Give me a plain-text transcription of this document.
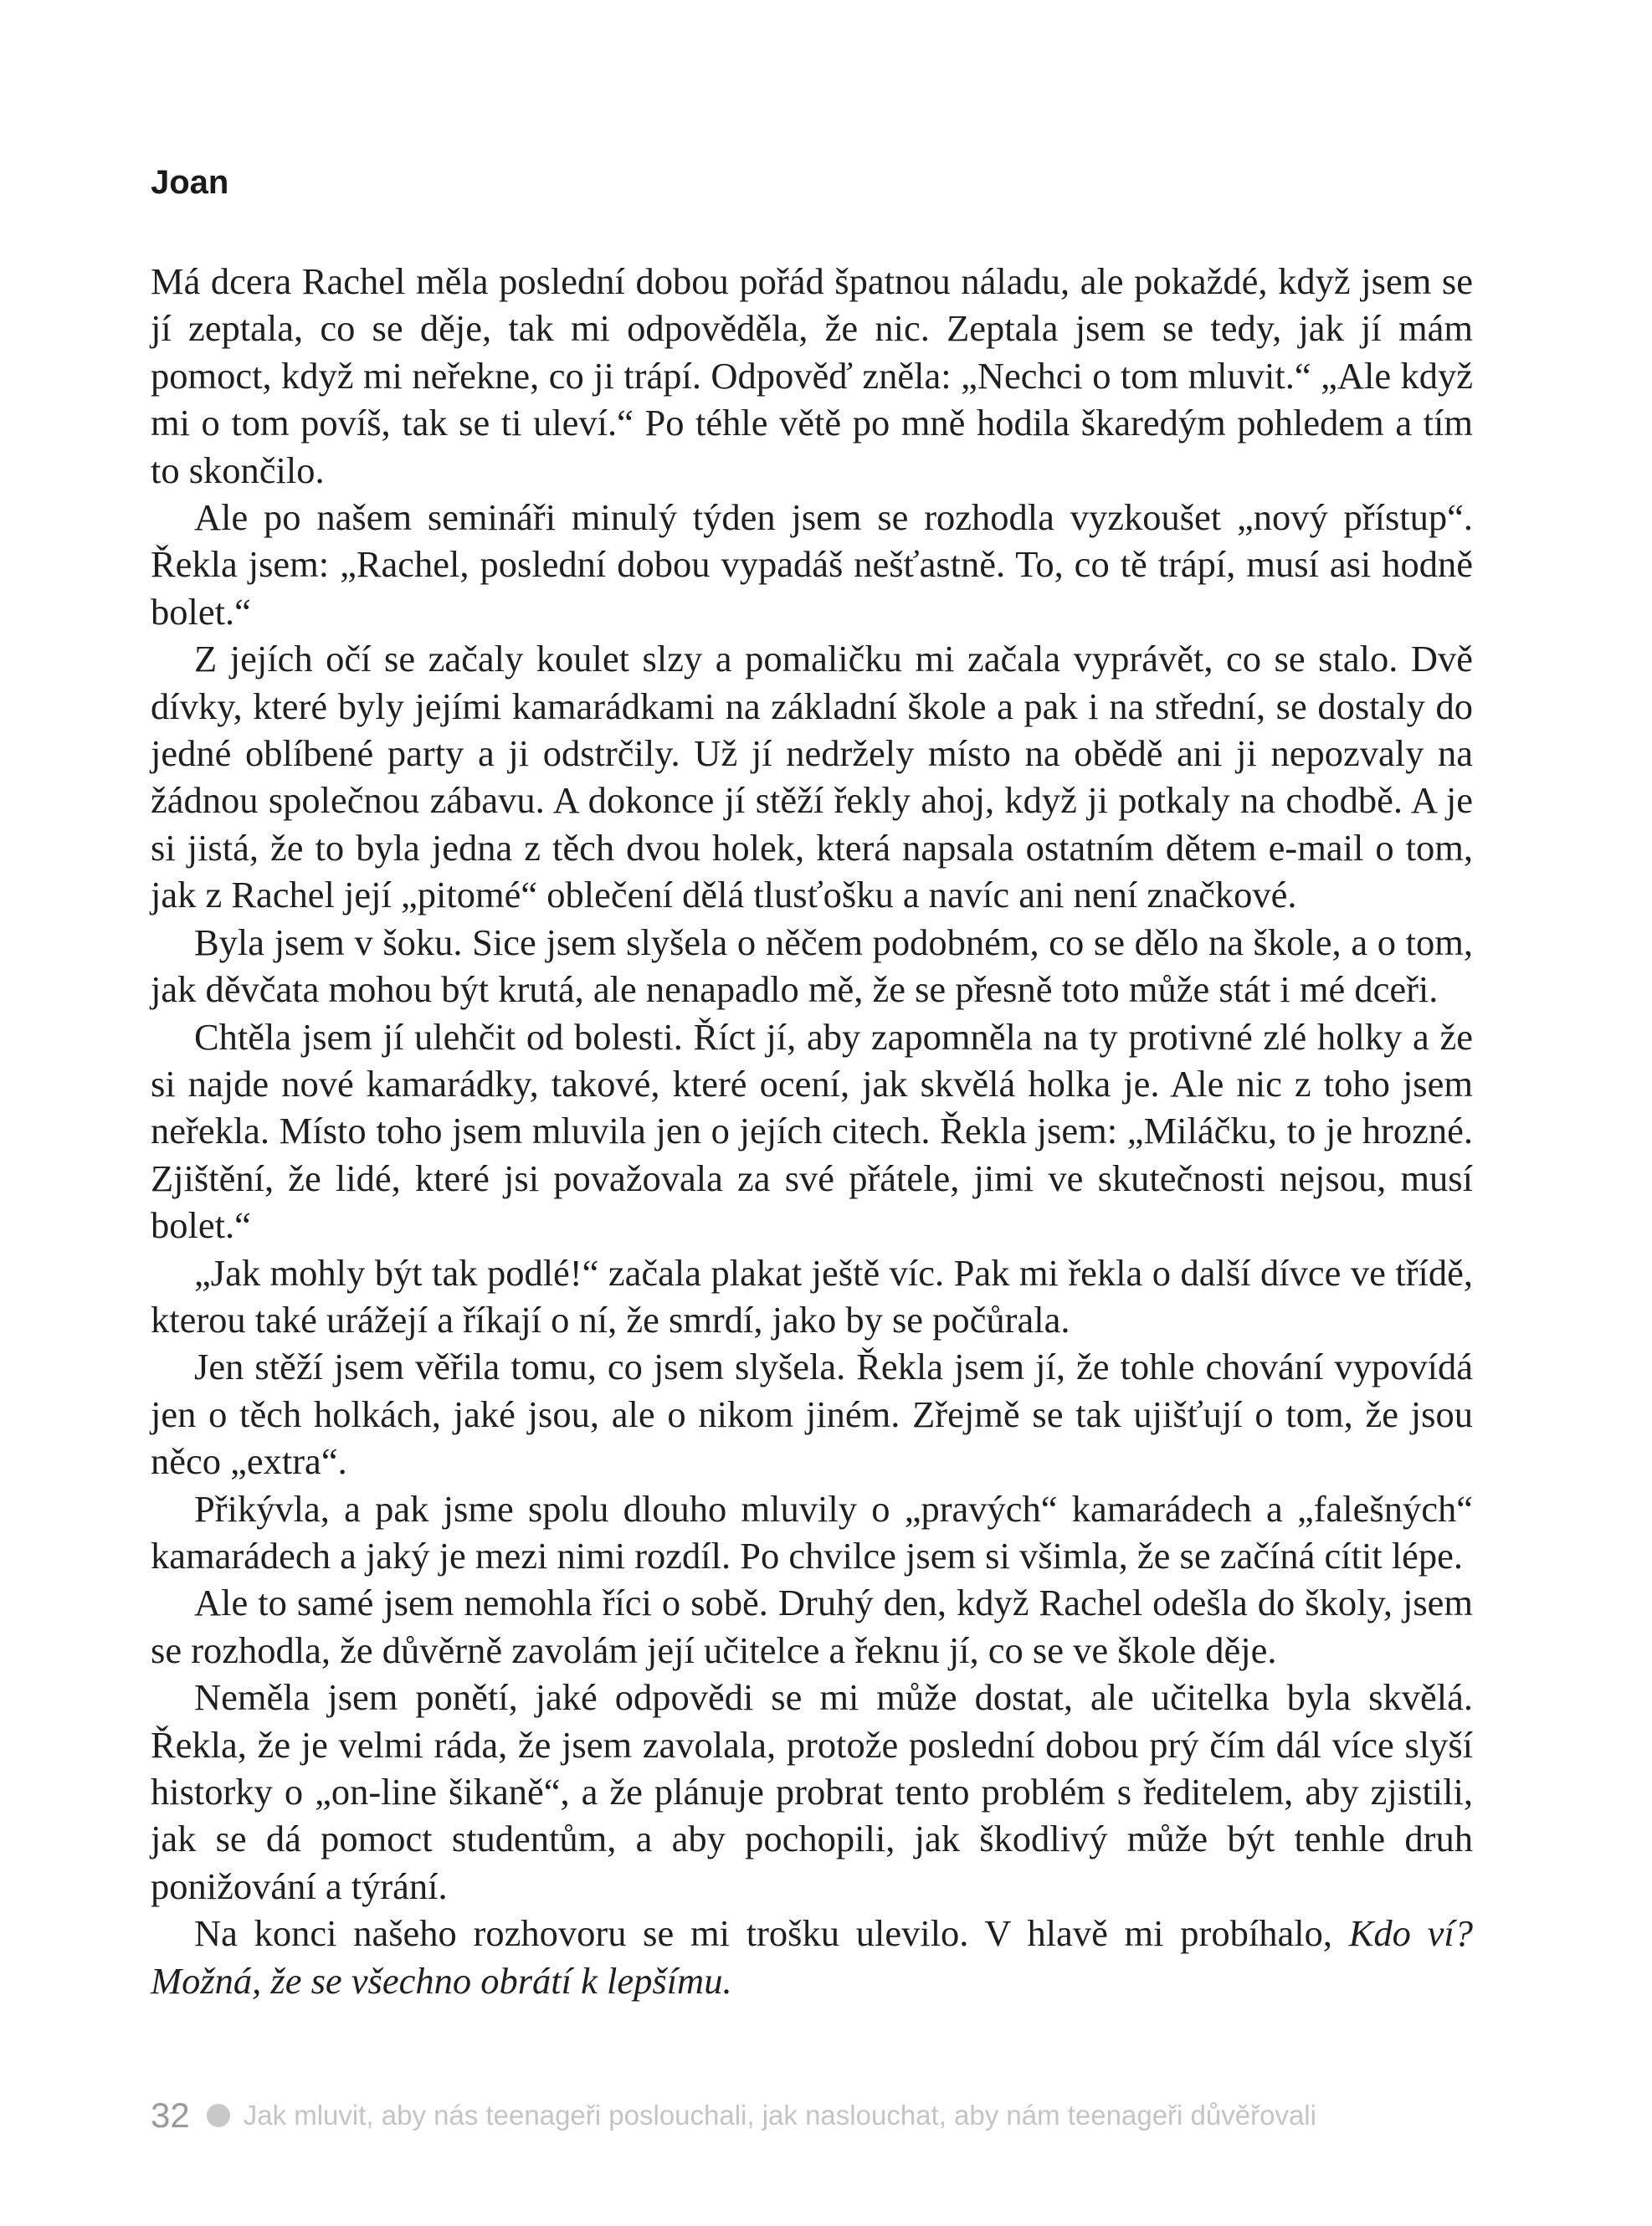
Joan

Má dcera Rachel měla poslední dobou pořád špatnou náladu, ale pokaždé, když jsem se jí zeptala, co se děje, tak mi odpověděla, že nic. Zeptala jsem se tedy, jak jí mám pomoct, když mi neřekne, co ji trápí. Odpověď zněla: „Nechci o tom mluvit.“ „Ale když mi o tom povíš, tak se ti uleví.“ Po téhle větě po mně hodila škaredým pohledem a tím to skončilo.

Ale po našem semináři minulý týden jsem se rozhodla vyzkoušet „nový přístup“. Řekla jsem: „Rachel, poslední dobou vypadáš nešťastně. To, co tě trápí, musí asi hodně bolet.“

Z jejích očí se začaly koulet slzy a pomaličku mi začala vyprávět, co se stalo. Dvě dívky, které byly jejími kamarádkami na základní škole a pak i na střední, se dostaly do jedné oblíbené party a ji odstrčily. Už jí nedržely místo na obědě ani ji nepozvaly na žádnou společnou zábavu. A dokonce jí stěží řekly ahoj, když ji potkaly na chodbě. A je si jistá, že to byla jedna z těch dvou holek, která napsala ostatním dětem e-mail o tom, jak z Rachel její „pitomé“ oblečení dělá tlusťošku a navíc ani není značkové.

Byla jsem v šoku. Sice jsem slyšela o něčem podobném, co se dělo na škole, a o tom, jak děvčata mohou být krutá, ale nenapadlo mě, že se přesně toto může stát i mé dceři.

Chtěla jsem jí ulehčit od bolesti. Říct jí, aby zapomněla na ty protivné zlé holky a že si najde nové kamarádky, takové, které ocení, jak skvělá holka je. Ale nic z toho jsem neřekla. Místo toho jsem mluvila jen o jejích citech. Řekla jsem: „Miláčku, to je hrozné. Zjištění, že lidé, které jsi považovala za své přátele, jimi ve skutečnosti nejsou, musí bolet.“

„Jak mohly být tak podlé!“ začala plakat ještě víc. Pak mi řekla o další dívce ve třídě, kterou také urážejí a říkají o ní, že smrdí, jako by se počůrala.

Jen stěží jsem věřila tomu, co jsem slyšela. Řekla jsem jí, že tohle chování vypovídá jen o těch holkách, jaké jsou, ale o nikom jiném. Zřejmě se tak ujišťují o tom, že jsou něco „extra“.

Přikývla, a pak jsme spolu dlouho mluvily o „pravých“ kamarádech a „falešných“ kamarádech a jaký je mezi nimi rozdíl. Po chvilce jsem si všimla, že se začíná cítit lépe.

Ale to samé jsem nemohla říci o sobě. Druhý den, když Rachel odešla do školy, jsem se rozhodla, že důvěrně zavolám její učitelce a řeknu jí, co se ve škole děje.

Neměla jsem ponětí, jaké odpovědi se mi může dostat, ale učitelka byla skvělá. Řekla, že je velmi ráda, že jsem zavolala, protože poslední dobou prý čím dál více slyší historky o „on-line šikaně“, a že plánuje probrat tento problém s ředitelem, aby zjistili, jak se dá pomoct studentům, a aby pochopili, jak škodlivý může být tenhle druh ponižování a týrání.

Na konci našeho rozhovoru se mi trošku ulevilo. V hlavě mi probíhalo, Kdo ví? Možná, že se všechno obrátí k lepšímu.

32 Jak mluvit, aby nás teenageři poslouchali, jak naslouchat, aby nám teenageři důvěřovali
